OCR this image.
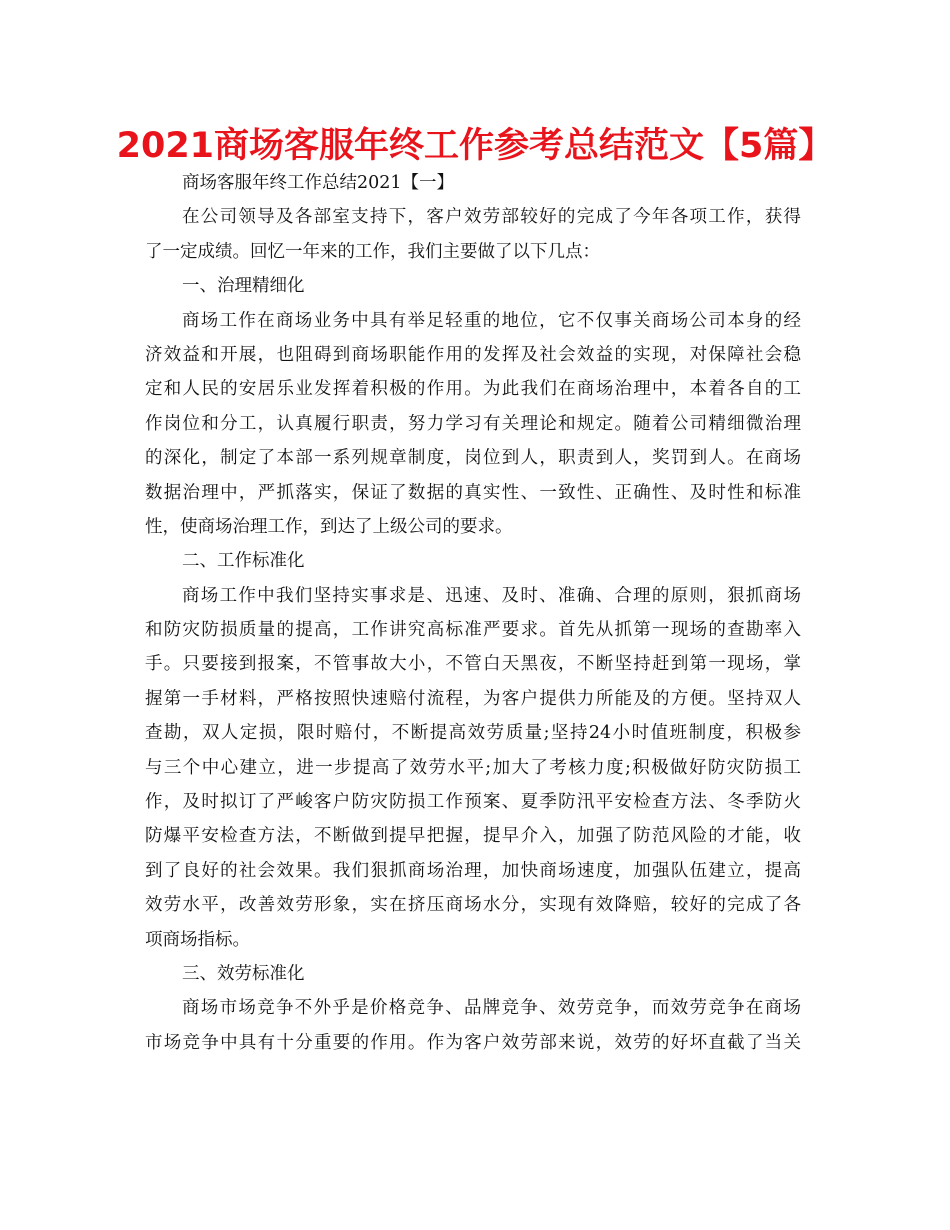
2021商场客服年终工作参考总结范文【5篇】
商场客服年终工作总结2021【一】
在公司领导及各部室支持下，客户效劳部较好的完成了今年各项工作，获得
了一定成绩。回忆一年来的工作，我们主要做了以下几点：
一、治理精细化
商场工作在商场业务中具有举足轻重的地位，它不仅事关商场公司本身的经
济效益和开展，也阻碍到商场职能作用的发挥及社会效益的实现，对保障社会稳
定和人民的安居乐业发挥着积极的作用。为此我们在商场治理中，本着各自的工
作岗位和分工，认真履行职责，努力学习有关理论和规定。随着公司精细微治理
的深化，制定了本部一系列规章制度，岗位到人，职责到人，奖罚到人。在商场
数据治理中，严抓落实，保证了数据的真实性、一致性、正确性、及时性和标准
性，使商场治理工作，到达了上级公司的要求。
二、工作标准化
商场工作中我们坚持实事求是、迅速、及时、准确、合理的原则，狠抓商场
和防灾防损质量的提高，工作讲究高标准严要求。首先从抓第一现场的查勘率入
手。只要接到报案，不管事故大小，不管白天黑夜，不断坚持赶到第一现场，掌
握第一手材料，严格按照快速赔付流程，为客户提供力所能及的方便。坚持双人
查勘，双人定损，限时赔付，不断提高效劳质量;坚持24小时值班制度，积极参
与三个中心建立，进一步提高了效劳水平;加大了考核力度;积极做好防灾防损工
作，及时拟订了严峻客户防灾防损工作预案、夏季防汛平安检查方法、冬季防火
防爆平安检查方法，不断做到提早把握，提早介入，加强了防范风险的才能，收
到了良好的社会效果。我们狠抓商场治理，加快商场速度，加强队伍建立，提高
效劳水平，改善效劳形象，实在挤压商场水分，实现有效降赔，较好的完成了各
项商场指标。
三、效劳标准化
商场市场竞争不外乎是价格竞争、品牌竞争、效劳竞争，而效劳竞争在商场
市场竞争中具有十分重要的作用。作为客户效劳部来说，效劳的好坏直截了当关
